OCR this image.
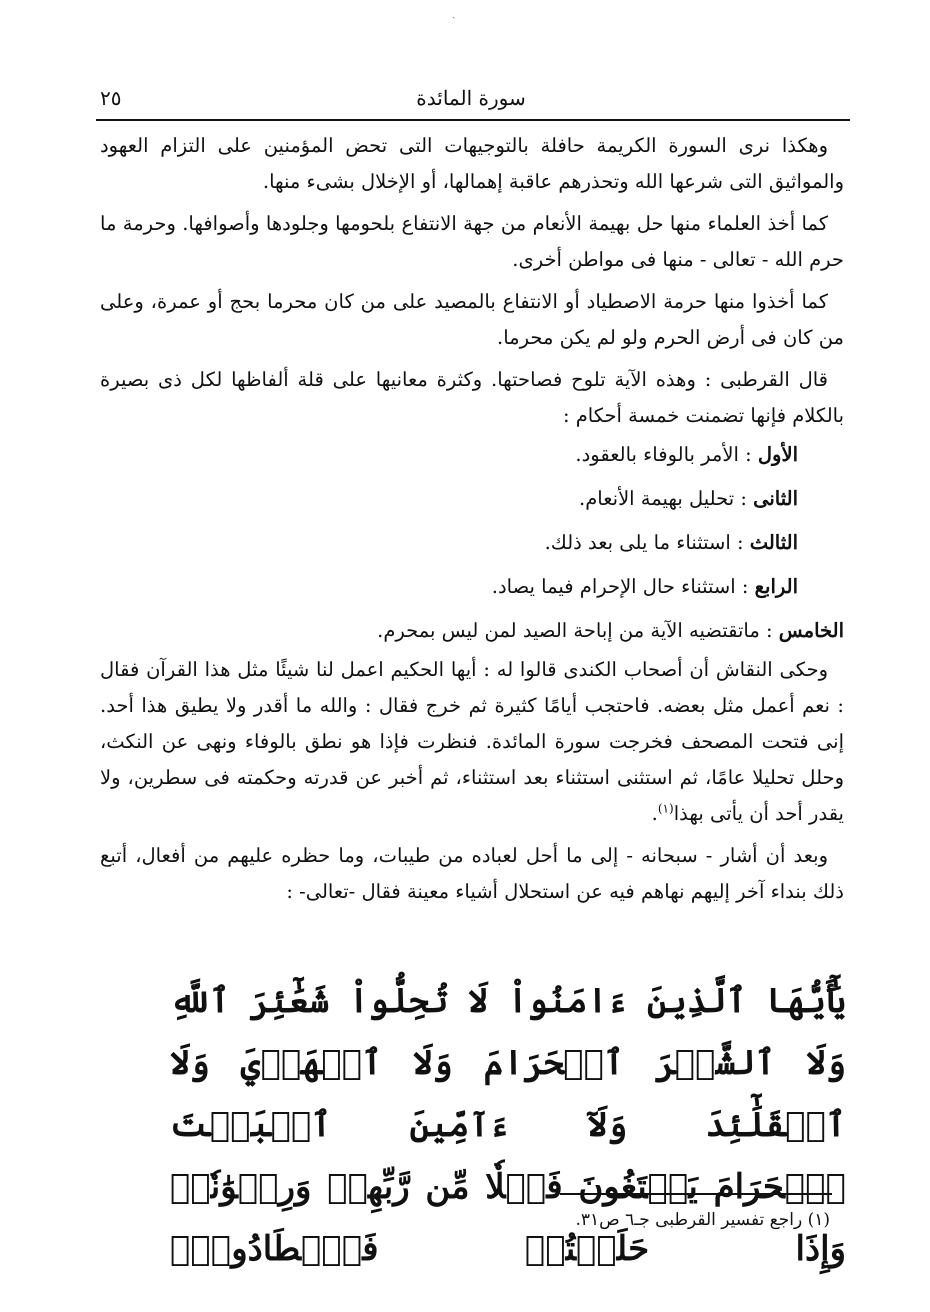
ˏ
سورة المائدة
٢٥

وهكذا نرى السورة الكريمة حافلة بالتوجيهات التى تحض المؤمنين على التزام العهود والمواثيق التى شرعها الله وتحذرهم عاقبة إهمالها، أو الإخلال بشىء منها.

كما أخذ العلماء منها حل بهيمة الأنعام من جهة الانتفاع بلحومها وجلودها وأصوافها. وحرمة ما حرم الله - تعالى - منها فى مواطن أخرى.

كما أخذوا منها حرمة الاصطياد أو الانتفاع بالمصيد على من كان محرما بحج أو عمرة، وعلى من كان فى أرض الحرم ولو لم يكن محرما.

قال القرطبى : وهذه الآية تلوح فصاحتها. وكثرة معانيها على قلة ألفاظها لكل ذى بصيرة بالكلام فإنها تضمنت خمسة أحكام :

الأول : الأمر بالوفاء بالعقود.
الثانى : تحليل بهيمة الأنعام.
الثالث : استثناء ما يلى بعد ذلك.
الرابع : استثناء حال الإحرام فيما يصاد.
الخامس : ماتقتضيه الآية من إباحة الصيد لمن ليس بمحرم.

وحكى النقاش أن أصحاب الكندى قالوا له : أيها الحكيم اعمل لنا شيئًا مثل هذا القرآن فقال : نعم أعمل مثل بعضه. فاحتجب أيامًا كثيرة ثم خرج فقال : والله ما أقدر ولا يطيق هذا أحد. إنى فتحت المصحف فخرجت سورة المائدة. فنظرت فإذا هو نطق بالوفاء ونهى عن النكث، وحلل تحليلا عامًا، ثم استثنى استثناء بعد استثناء، ثم أخبر عن قدرته وحكمته فى سطرين، ولا يقدر أحد أن يأتى بهذا$^{(١)}$.

وبعد أن أشار - سبحانه - إلى ما أحل لعباده من طيبات، وما حظره عليهم من أفعال، أتبع ذلك بنداء آخر إليهم نهاهم فيه عن استحلال أشياء معينة فقال -تعالى- :

يَٰٓأَيُّهَا ٱلَّذِينَ ءَامَنُواْ لَا تُحِلُّواْ شَعَٰٓئِرَ ٱللَّهِ
وَلَا ٱلشَّهۡرَ ٱلۡحَرَامَ وَلَا ٱلۡهَدۡيَ وَلَا ٱلۡقَلَٰٓئِدَ وَلَآ ءَآمِّينَ ٱلۡبَيۡتَ
ٱلۡحَرَامَ يَبۡتَغُونَ فَضۡلٗا مِّن رَّبِّهِمۡ وَرِضۡوَٰنٗاۚ وَإِذَا حَلَلۡتُمۡ فَٱصۡطَادُواْۚ
(١) راجع تفسير القرطبى جـ٦ ص٣١.
